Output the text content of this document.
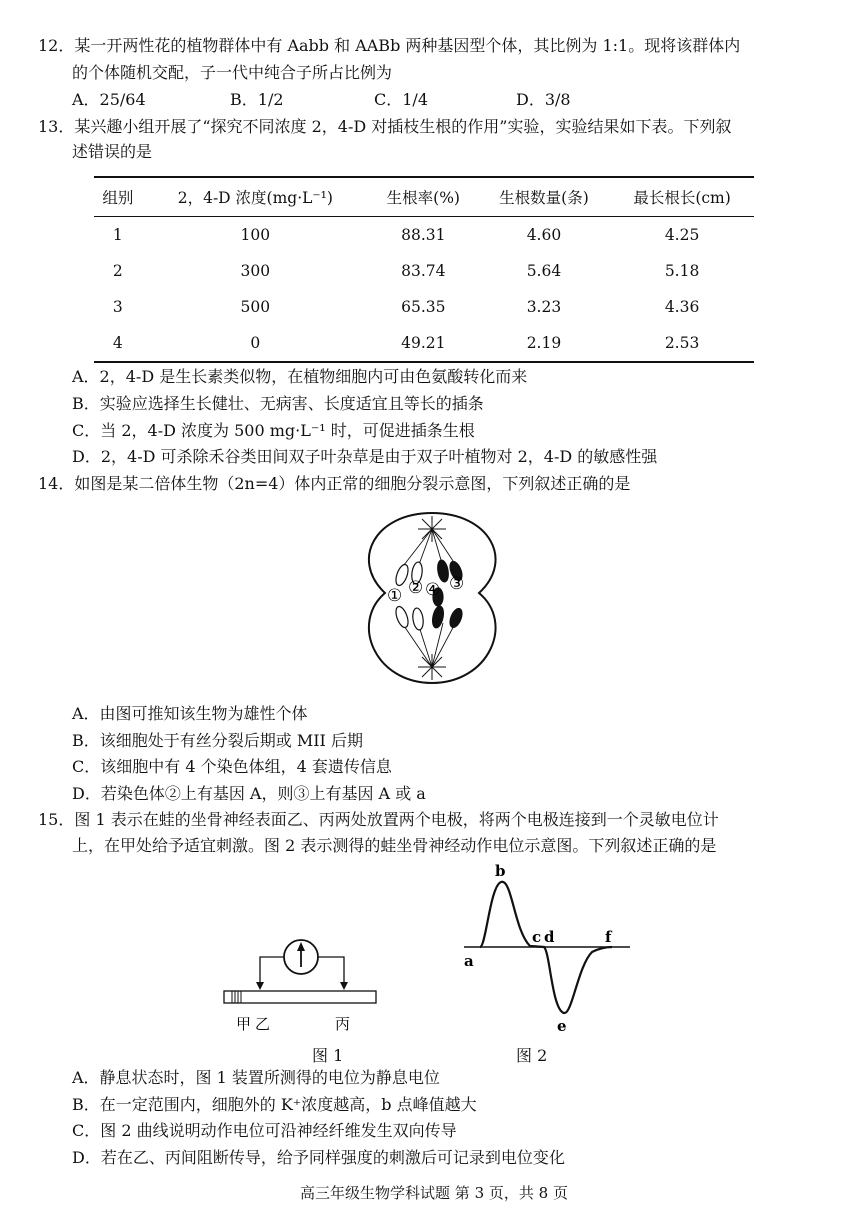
12．某一开两性花的植物群体中有 Aabb 和 AABb 两种基因型个体，其比例为 1:1。现将该群体内
的个体随机交配，子一代中纯合子所占比例为
A．25/64	B．1/2	C．1/4	D．3/8
13．某兴趣小组开展了“探究不同浓度 2，4-D 对插枝生根的作用”实验，实验结果如下表。下列叙
述错误的是
组别	2，4-D 浓度(mg·L⁻¹)	生根率(%)	生根数量(条)	最长根长(cm)
1	100	88.31	4.60	4.25
2	300	83.74	5.64	5.18
3	500	65.35	3.23	4.36
4	0	49.21	2.19	2.53
A．2，4-D 是生长素类似物，在植物细胞内可由色氨酸转化而来
B．实验应选择生长健壮、无病害、长度适宜且等长的插条
C．当 2，4-D 浓度为 500 mg·L⁻¹ 时，可促进插条生根
D．2，4-D 可杀除禾谷类田间双子叶杂草是由于双子叶植物对 2，4-D 的敏感性强
14．如图是某二倍体生物（2n=4）体内正常的细胞分裂示意图，下列叙述正确的是
① ② ④ ③
A．由图可推知该生物为雄性个体
B．该细胞处于有丝分裂后期或 MII 后期
C．该细胞中有 4 个染色体组，4 套遗传信息
D．若染色体②上有基因 A，则③上有基因 A 或 a
15．图 1 表示在蛙的坐骨神经表面乙、丙两处放置两个电极，将两个电极连接到一个灵敏电位计
上，在甲处给予适宜刺激。图 2 表示测得的蛙坐骨神经动作电位示意图。下列叙述正确的是
甲 乙	丙
图 1
a
b
c d
e
f
图 2
A．静息状态时，图 1 装置所测得的电位为静息电位
B．在一定范围内，细胞外的 K⁺浓度越高，b 点峰值越大
C．图 2 曲线说明动作电位可沿神经纤维发生双向传导
D．若在乙、丙间阻断传导，给予同样强度的刺激后可记录到电位变化
高三年级生物学科试题 第 3 页，共 8 页
